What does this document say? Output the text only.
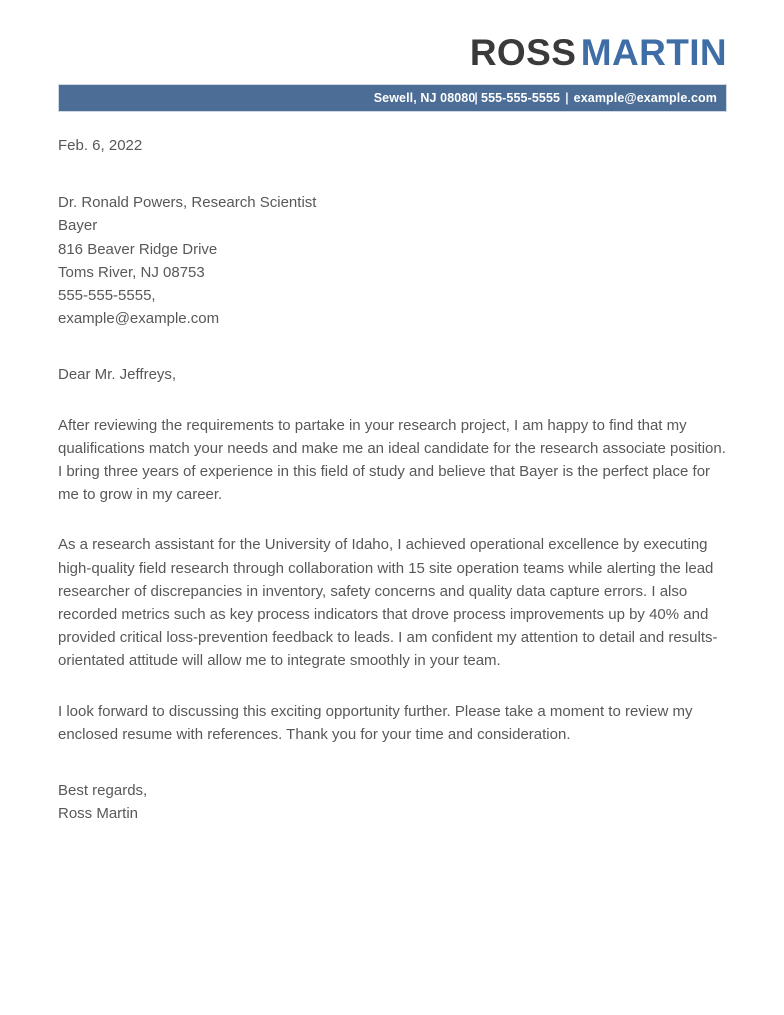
ROSS MARTIN
Sewell, NJ 08080| 555-555-5555 | example@example.com
Feb. 6, 2022
Dr. Ronald Powers, Research Scientist
Bayer
816 Beaver Ridge Drive
Toms River, NJ 08753
555-555-5555,
example@example.com
Dear Mr. Jeffreys,

After reviewing the requirements to partake in your research project, I am happy to find that my qualifications match your needs and make me an ideal candidate for the research associate position. I bring three years of experience in this field of study and believe that Bayer is the perfect place for me to grow in my career.

As a research assistant for the University of Idaho, I achieved operational excellence by executing high-quality field research through collaboration with 15 site operation teams while alerting the lead researcher of discrepancies in inventory, safety concerns and quality data capture errors. I also recorded metrics such as key process indicators that drove process improvements up by 40% and provided critical loss-prevention feedback to leads. I am confident my attention to detail and results-orientated attitude will allow me to integrate smoothly in your team.

I look forward to discussing this exciting opportunity further. Please take a moment to review my enclosed resume with references. Thank you for your time and consideration.

Best regards,
Ross Martin
